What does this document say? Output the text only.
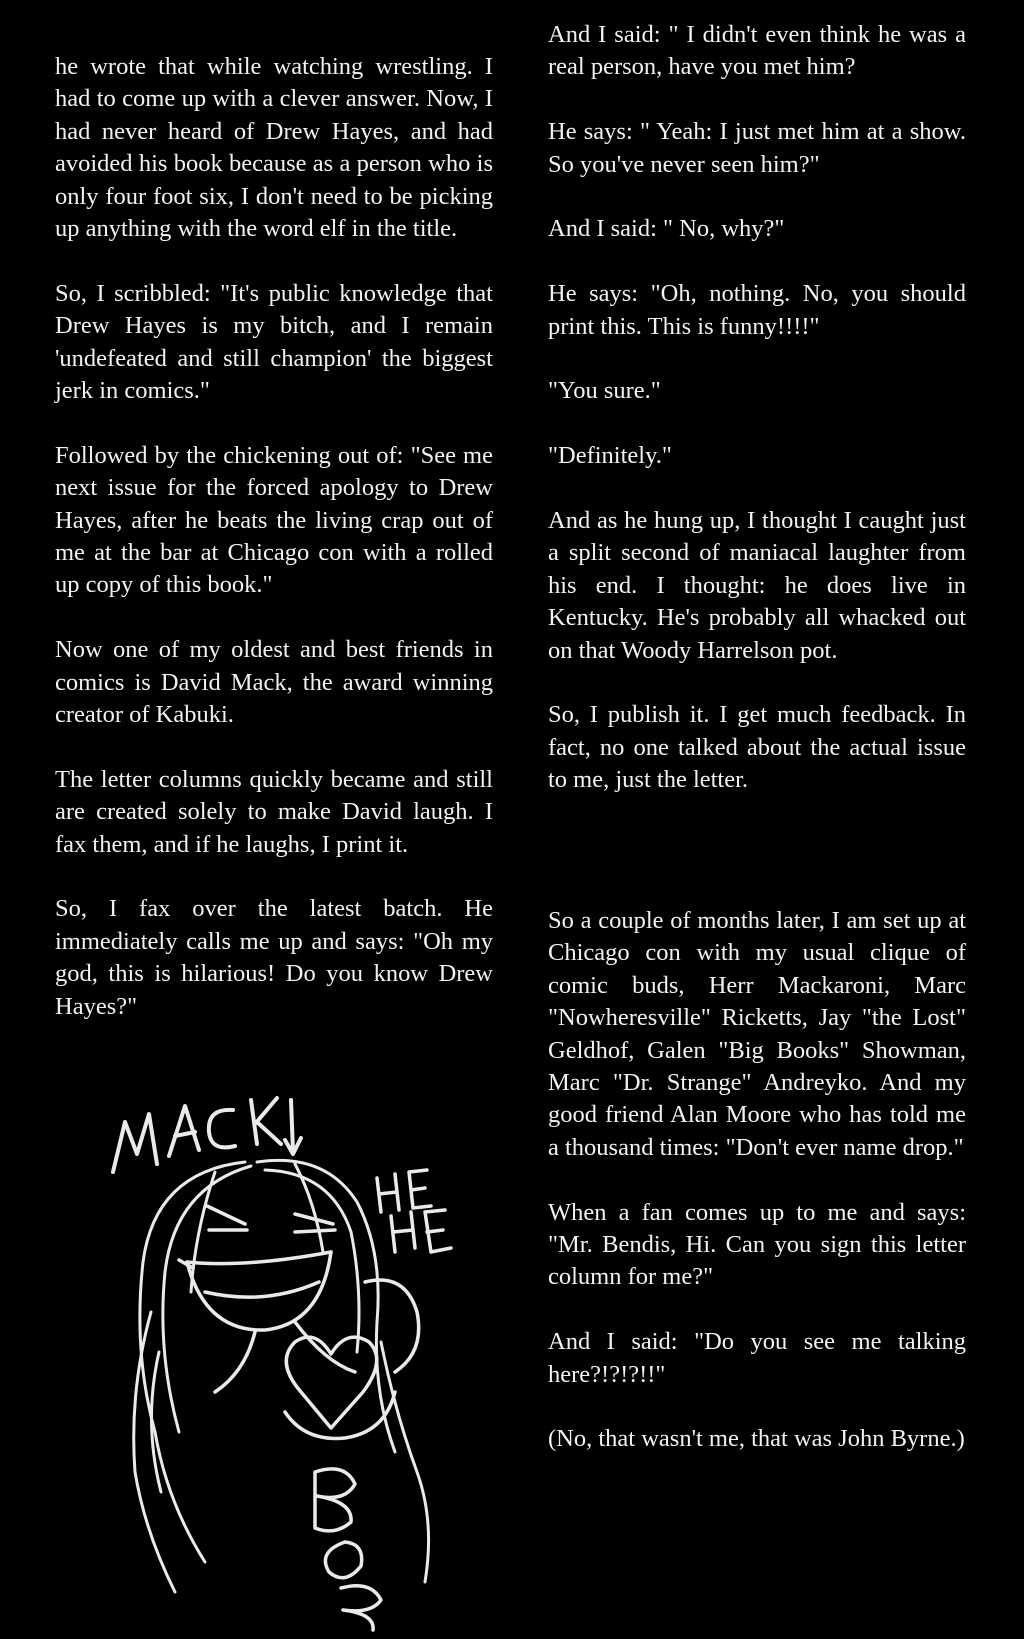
he wrote that while watching wrestling. I had to come up with a clever answer. Now, I had never heard of Drew Hayes, and had avoided his book because as a person who is only four foot six, I don't need to be picking up anything with the word elf in the title.

So, I scribbled: "It's public knowledge that Drew Hayes is my bitch, and I remain 'undefeated and still champion' the biggest jerk in comics."

Followed by the chickening out of: "See me next issue for the forced apology to Drew Hayes, after he beats the living crap out of me at the bar at Chicago con with a rolled up copy of this book."

Now one of my oldest and best friends in comics is David Mack, the award winning creator of Kabuki.

The letter columns quickly became and still are created solely to make David laugh. I fax them, and if he laughs, I print it.

So, I fax over the latest batch. He immediately calls me up and says: "Oh my god, this is hilarious! Do you know Drew Hayes?"

And I said: " I didn't even think he was a real person, have you met him?

He says: " Yeah: I just met him at a show. So you've never seen him?"

And I said: " No, why?"

He says: "Oh, nothing. No, you should print this. This is funny!!!!"

"You sure."

"Definitely."

And as he hung up, I thought I caught just a split second of maniacal laughter from his end. I thought: he does live in Kentucky. He's probably all whacked out on that Woody Harrelson pot.

So, I publish it. I get much feedback. In fact, no one talked about the actual issue to me, just the letter.

So a couple of months later, I am set up at Chicago con with my usual clique of comic buds, Herr Mackaroni, Marc "Nowheresville" Ricketts, Jay "the Lost" Geldhof, Galen "Big Books" Showman, Marc "Dr. Strange" Andreyko. And my good friend Alan Moore who has told me a thousand times: "Don't ever name drop."

When a fan comes up to me and says: "Mr. Bendis, Hi. Can you sign this letter column for me?"

And I said: "Do you see me talking here?!?!?!!"

(No, that wasn't me, that was John Byrne.)
